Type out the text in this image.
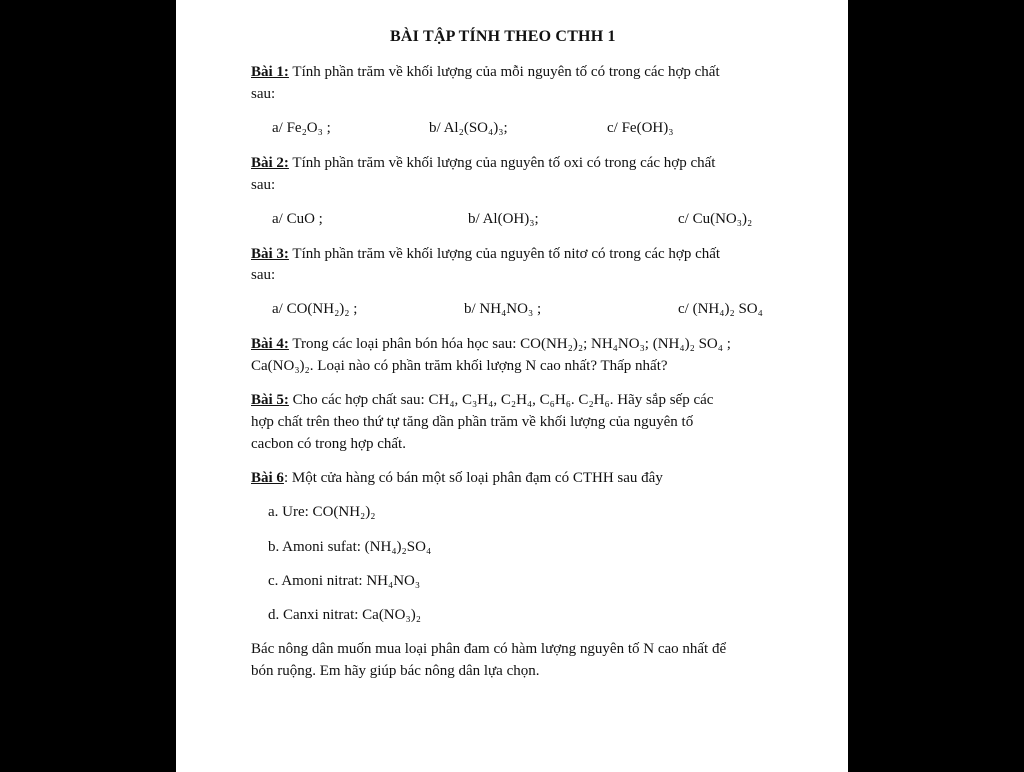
BÀI TẬP TÍNH THEO CTHH 1
Bài 1: Tính phần trăm về khối lượng của mỗi nguyên tố có trong các hợp chất
sau:
a/ Fe₂O₃ ;	b/ Al₂(SO₄)₃;	c/ Fe(OH)₃
Bài 2: Tính phần trăm về khối lượng của nguyên tố oxi có trong các hợp chất
sau:
a/ CuO ;	b/ Al(OH)₃;	c/ Cu(NO₃)₂
Bài 3: Tính phần trăm về khối lượng của nguyên tố nitơ có trong các hợp chất
sau:
a/ CO(NH₂)₂ ;	b/ NH₄NO₃ ;	c/ (NH₄)₂ SO₄
Bài 4: Trong các loại phân bón hóa học sau: CO(NH₂)₂; NH₄NO₃; (NH₄)₂ SO₄ ;
Ca(NO₃)₂. Loại nào có phần trăm khối lượng N cao nhất? Thấp nhất?
Bài 5: Cho các hợp chất sau: CH₄, C₃H₄, C₂H₄, C₆H₆. C₂H₆. Hãy sắp sếp các
hợp chất trên theo thứ tự tăng dần phần trăm về khối lượng của nguyên tố
cacbon có trong hợp chất.
Bài 6: Một cửa hàng có bán một số loại phân đạm có CTHH sau đây
a. Ure: CO(NH₂)₂
b. Amoni sufat: (NH₄)₂SO₄
c. Amoni nitrat: NH₄NO₃
d. Canxi nitrat: Ca(NO₃)₂
Bác nông dân muốn mua loại phân đam có hàm lượng nguyên tố N cao nhất để
bón ruộng. Em hãy giúp bác nông dân lựa chọn.
